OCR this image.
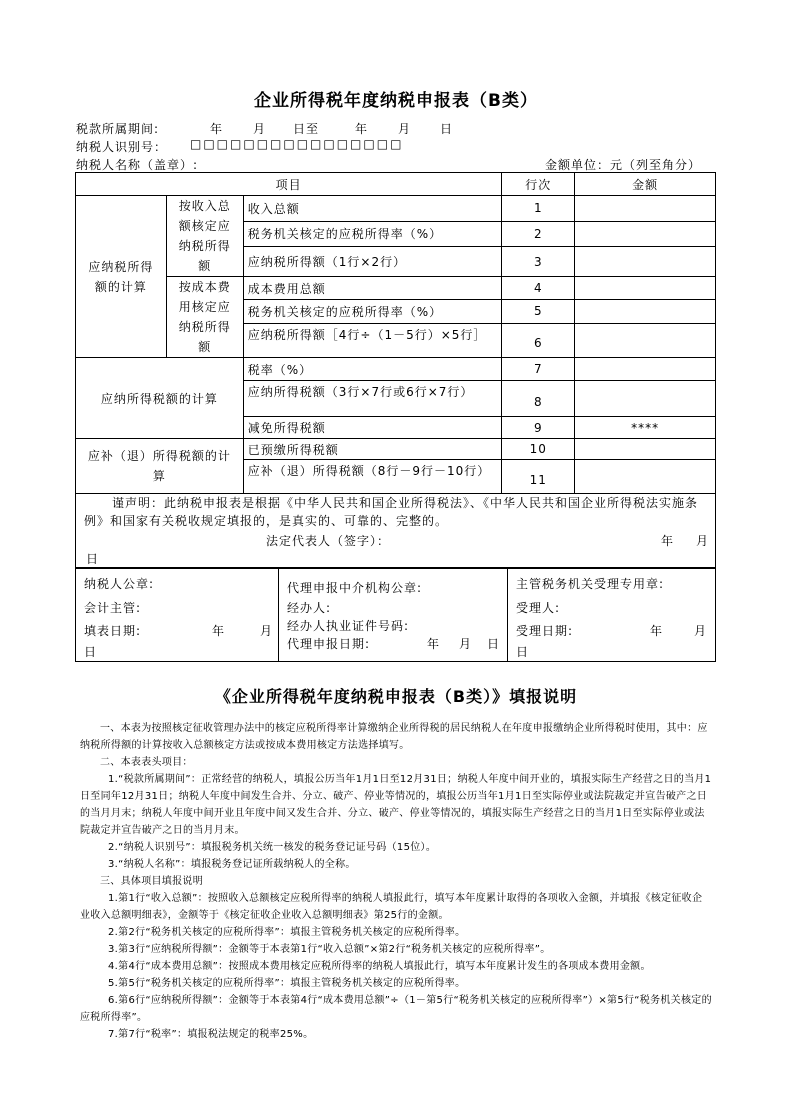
企业所得税年度纳税申报表（B类）
税款所属期间:	年 月 日至	年 月 日
纳税人识别号： □□□□□□□□□□□□□□□□
纳税人名称（盖章）:	金额单位：元（列至角分）
项目			行次	金额
应纳税所得额的计算	按收入总额核定应纳税所得额	收入总额	1	
		税务机关核定的应税所得率（%）	2	
		应纳税所得额（1行×2行）	3	
	按成本费用核定应纳税所得额	成本费用总额	4	
		税务机关核定的应税所得率（%）	5	
		应纳税所得额［4行÷（1－5行）×5行］	6	
应纳所得税额的计算		税率（%）	7	
		应纳所得税额（3行×7行或6行×7行）	8	
		减免所得税额	9	****
应补（退）所得税额的计算		已预缴所得税额	10	
		应补（退）所得税额（8行－9行－10行）	11	
谨声明：此纳税申报表是根据《中华人民共和国企业所得税法》、《中华人民共和国企业所得税法实施条例》和国家有关税收规定填报的，是真实的、可靠的、完整的。
法定代表人（签字）：	年 月
日
纳税人公章:
会计主管:
填表日期:	年	月
日
代理申报中介机构公章:
经办人:
经办人执业证件号码:
代理申报日期:	年 月 日
主管税务机关受理专用章:
受理人:
受理日期:	年	月
日
《企业所得税年度纳税申报表（B类）》填报说明

一、本表为按照核定征收管理办法中的核定应税所得率计算缴纳企业所得税的居民纳税人在年度申报缴纳企业所得税时使用，其中：应纳税所得额的计算按收入总额核定方法或按成本费用核定方法选择填写。

二、本表表头项目：

1.“税款所属期间”：正常经营的纳税人，填报公历当年1月1日至12月31日；纳税人年度中间开业的，填报实际生产经营之日的当月1日至同年12月31日；纳税人年度中间发生合并、分立、破产、停业等情况的，填报公历当年1月1日至实际停业或法院裁定并宣告破产之日的当月月末；纳税人年度中间开业且年度中间又发生合并、分立、破产、停业等情况的，填报实际生产经营之日的当月1日至实际停业或法院裁定并宣告破产之日的当月月末。

2.“纳税人识别号”：填报税务机关统一核发的税务登记证号码（15位）。

3.“纳税人名称”：填报税务登记证所载纳税人的全称。

三、具体项目填报说明

1.第1行“收入总额”：按照收入总额核定应税所得率的纳税人填报此行，填写本年度累计取得的各项收入金额，并填报《核定征收企业收入总额明细表》，金额等于《核定征收企业收入总额明细表》第25行的金额。

2.第2行“税务机关核定的应税所得率”：填报主管税务机关核定的应税所得率。

3.第3行“应纳税所得额”：金额等于本表第1行“收入总额”×第2行“税务机关核定的应税所得率”。

4.第4行“成本费用总额”：按照成本费用核定应税所得率的纳税人填报此行，填写本年度累计发生的各项成本费用金额。

5.第5行“税务机关核定的应税所得率”：填报主管税务机关核定的应税所得率。

6.第6行“应纳税所得额”：金额等于本表第4行“成本费用总额”÷（1－第5行“税务机关核定的应税所得率”）×第5行“税务机关核定的应税所得率”。

7.第7行“税率”：填报税法规定的税率25%。
